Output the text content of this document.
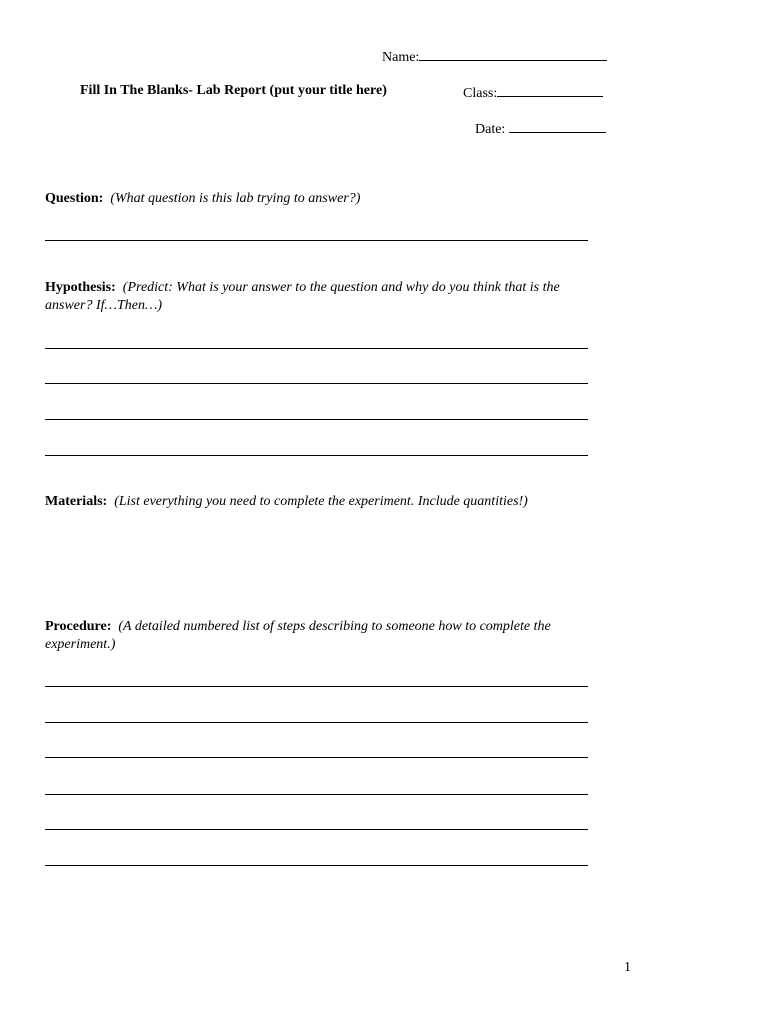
Name:
Fill In The Blanks- Lab Report (put your title here)	Class:
Date:
Question: (What question is this lab trying to answer?)
Hypothesis: (Predict: What is your answer to the question and why do you think that is the answer? If…Then…)
Materials: (List everything you need to complete the experiment. Include quantities!)
Procedure: (A detailed numbered list of steps describing to someone how to complete the experiment.)
1
